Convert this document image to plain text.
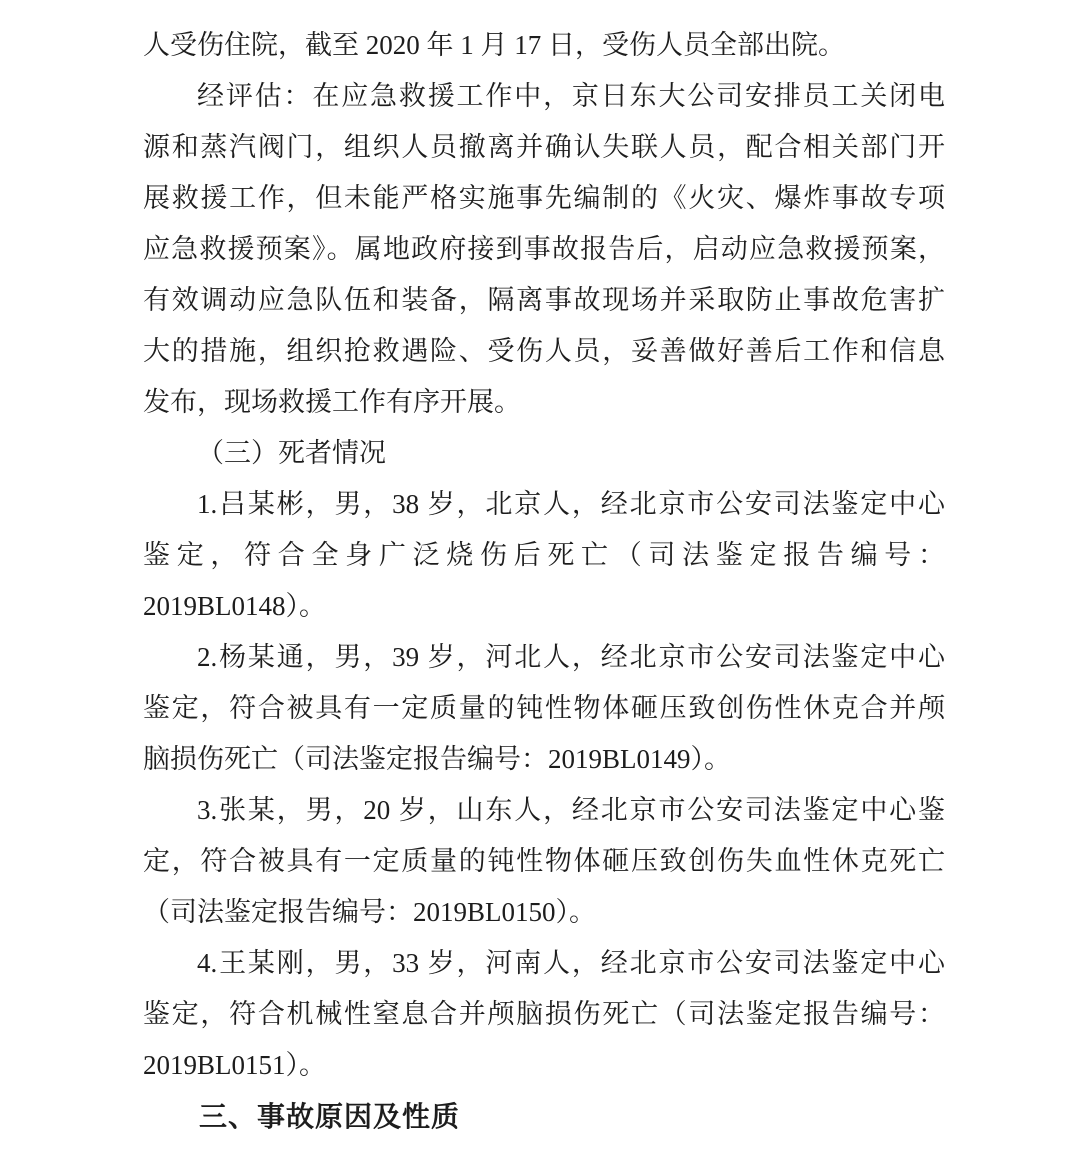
人受伤住院，截至 2020 年 1 月 17 日，受伤人员全部出院。
经评估：在应急救援工作中，京日东大公司安排员工关闭电
源和蒸汽阀门，组织人员撤离并确认失联人员，配合相关部门开
展救援工作，但未能严格实施事先编制的《火灾、爆炸事故专项
应急救援预案》。属地政府接到事故报告后，启动应急救援预案，
有效调动应急队伍和装备，隔离事故现场并采取防止事故危害扩
大的措施，组织抢救遇险、受伤人员，妥善做好善后工作和信息
发布，现场救援工作有序开展。
（三）死者情况
1.吕某彬，男，38 岁，北京人，经北京市公安司法鉴定中心
鉴定，符合全身广泛烧伤后死亡（司法鉴定报告编号：
2019BL0148）。
2.杨某通，男，39 岁，河北人，经北京市公安司法鉴定中心
鉴定，符合被具有一定质量的钝性物体砸压致创伤性休克合并颅
脑损伤死亡（司法鉴定报告编号：2019BL0149）。
3.张某，男，20 岁，山东人，经北京市公安司法鉴定中心鉴
定，符合被具有一定质量的钝性物体砸压致创伤失血性休克死亡
（司法鉴定报告编号：2019BL0150）。
4.王某刚，男，33 岁，河南人，经北京市公安司法鉴定中心
鉴定，符合机械性窒息合并颅脑损伤死亡（司法鉴定报告编号：
2019BL0151）。
三、事故原因及性质
